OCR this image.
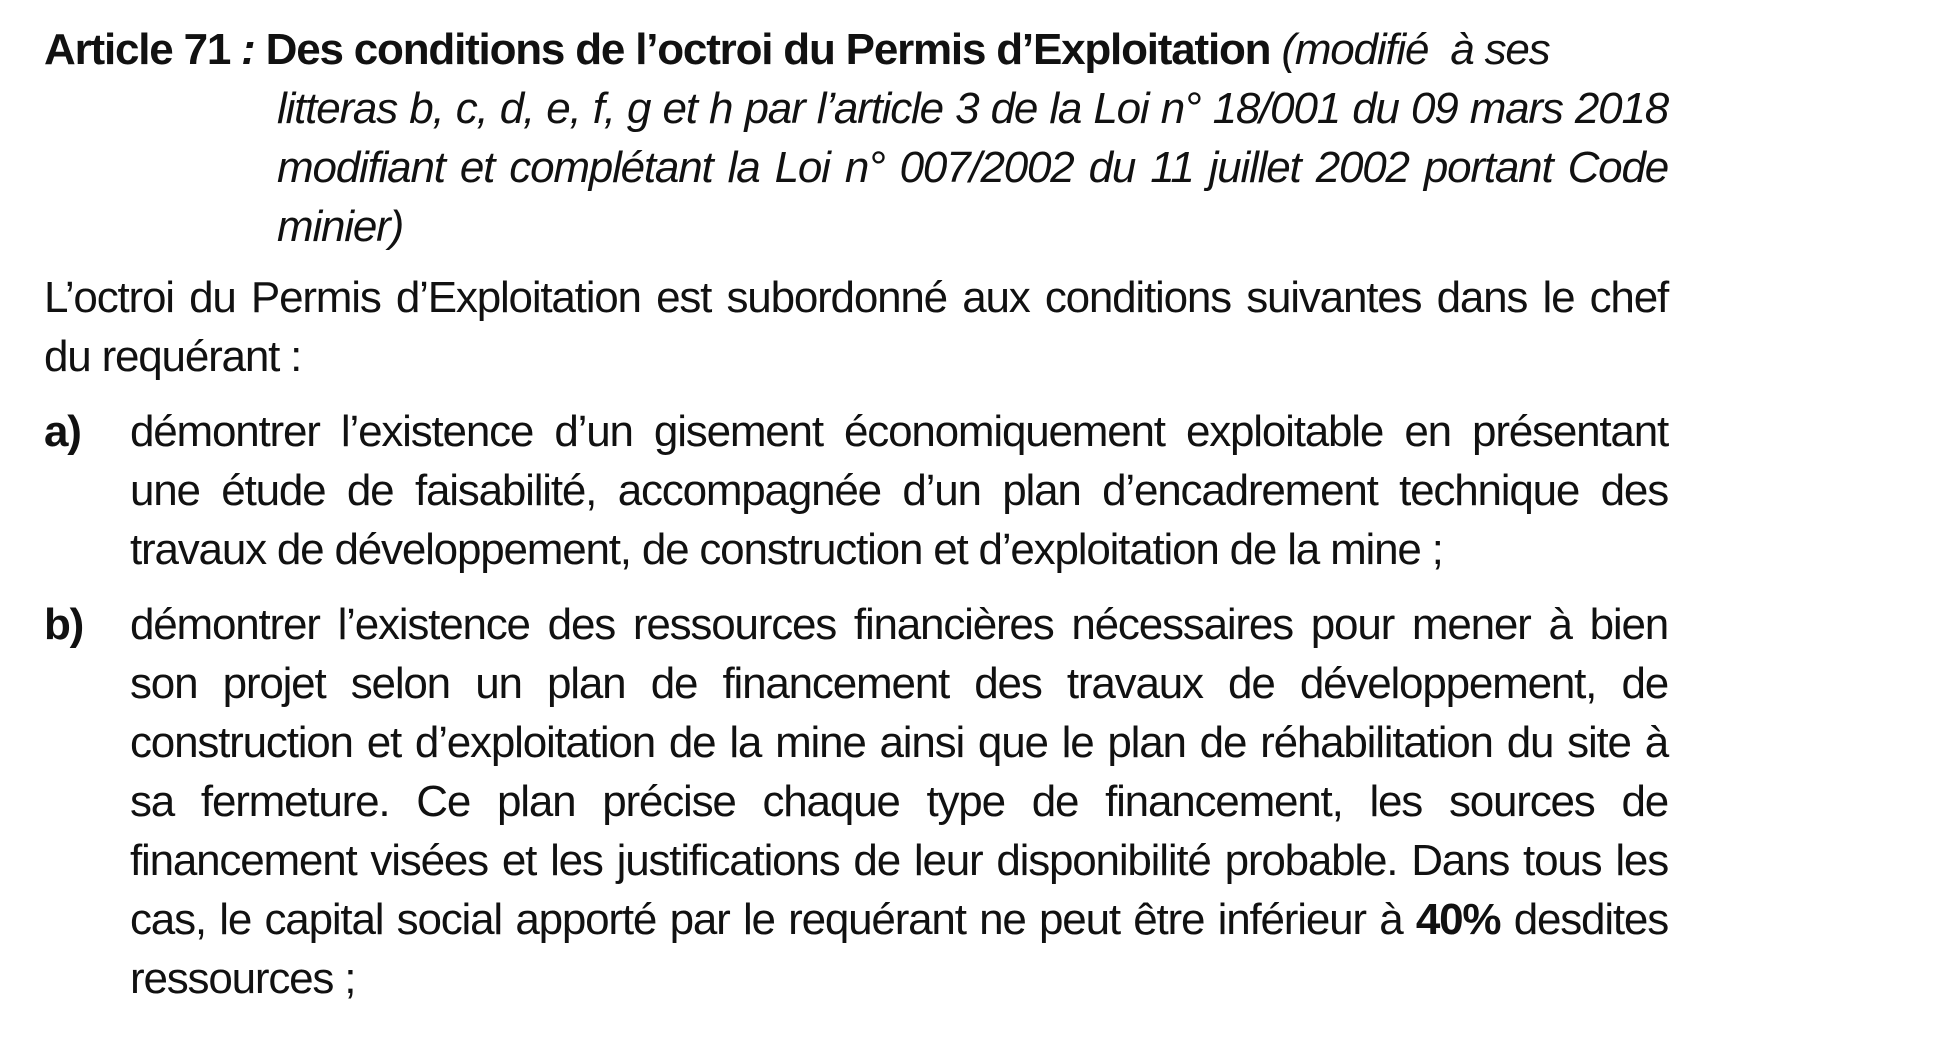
Article 71 : Des conditions de l’octroi du Permis d’Exploitation (modifié  à ses
litteras b, c, d, e, f, g et h par l’article 3 de la Loi n° 18/001 du 09 mars 2018 modifiant et complétant la Loi n° 007/2002 du 11 juillet 2002 portant Code minier)
L’octroi du Permis d’Exploitation est subordonné aux conditions suivantes dans le chef du requérant :
a)	démontrer l’existence d’un gisement économiquement exploitable en présentant une étude de faisabilité, accompagnée d’un plan d’encadrement technique des travaux de développement, de construction et d’exploitation de la mine ;
b)	démontrer l’existence des ressources financières nécessaires pour mener à bien son projet selon un plan de financement des travaux de développement, de construction et d’exploitation de la mine ainsi que le plan de réhabilitation du site à sa fermeture. Ce plan précise chaque type de financement, les sources de financement visées et les justifications de leur disponibilité probable. Dans tous les cas, le capital social apporté par le requérant ne peut être inférieur à 40% desdites ressources ;
